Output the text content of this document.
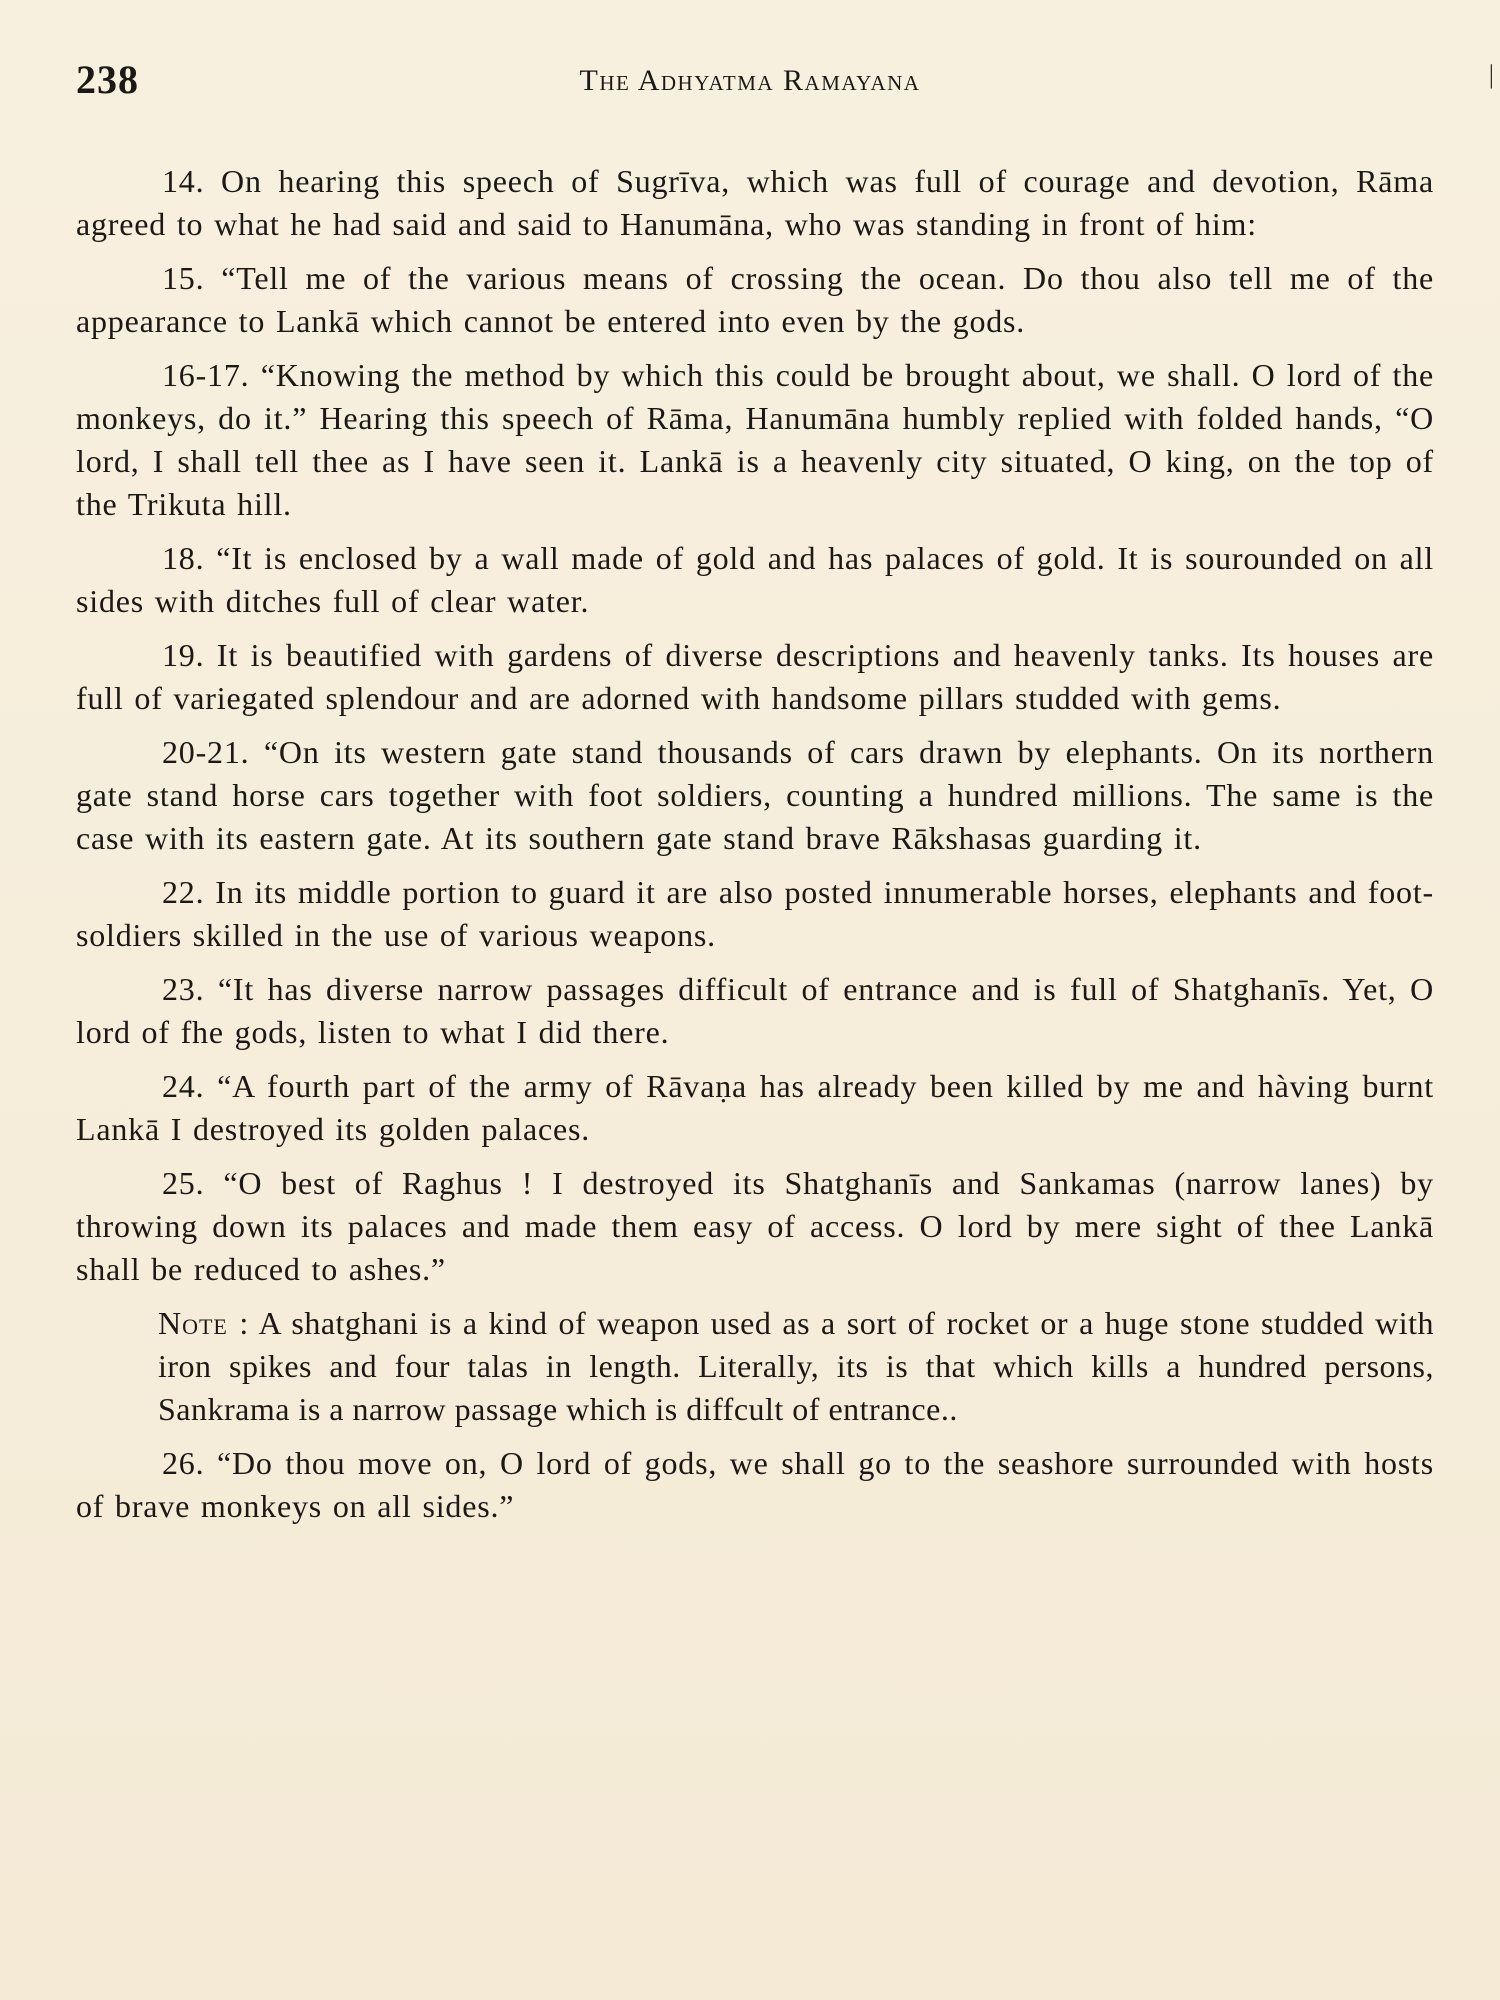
238	The Adhyatma Ramayana	|

14. On hearing this speech of Sugrīva, which was full of courage and devotion, Rāma agreed to what he had said and said to Hanumāna, who was standing in front of him:

15. “Tell me of the various means of crossing the ocean. Do thou also tell me of the appearance to Lankā which cannot be entered into even by the gods.

16-17. “Knowing the method by which this could be brought about, we shall. O lord of the monkeys, do it.” Hearing this speech of Rāma, Hanumāna humbly replied with folded hands, “O lord, I shall tell thee as I have seen it. Lankā is a heavenly city situated, O king, on the top of the Trikuta hill.

18. “It is enclosed by a wall made of gold and has palaces of gold. It is sourounded on all sides with ditches full of clear water.

19. It is beautified with gardens of diverse descriptions and heavenly tanks. Its houses are full of variegated splendour and are adorned with handsome pillars studded with gems.

20-21. “On its western gate stand thousands of cars drawn by elephants. On its northern gate stand horse cars together with foot soldiers, counting a hundred millions. The same is the case with its eastern gate. At its southern gate stand brave Rākshasas guarding it.

22. In its middle portion to guard it are also posted innumerable horses, elephants and foot-soldiers skilled in the use of various weapons.

23. “It has diverse narrow passages difficult of entrance and is full of Shatghanīs. Yet, O lord of fhe gods, listen to what I did there.

24. “A fourth part of the army of Rāvaṇa has already been killed by me and hàving burnt Lankā I destroyed its golden palaces.

25. “O best of Raghus ! I destroyed its Shatghanīs and Sankamas (narrow lanes) by throwing down its palaces and made them easy of access. O lord by mere sight of thee Lankā shall be reduced to ashes.”

Note : A shatghani is a kind of weapon used as a sort of rocket or a huge stone studded with iron spikes and four talas in length. Literally, its is that which kills a hundred persons, Sankrama is a narrow passage which is diffcult of entrance..

26. “Do thou move on, O lord of gods, we shall go to the seashore surrounded with hosts of brave monkeys on all sides.”
